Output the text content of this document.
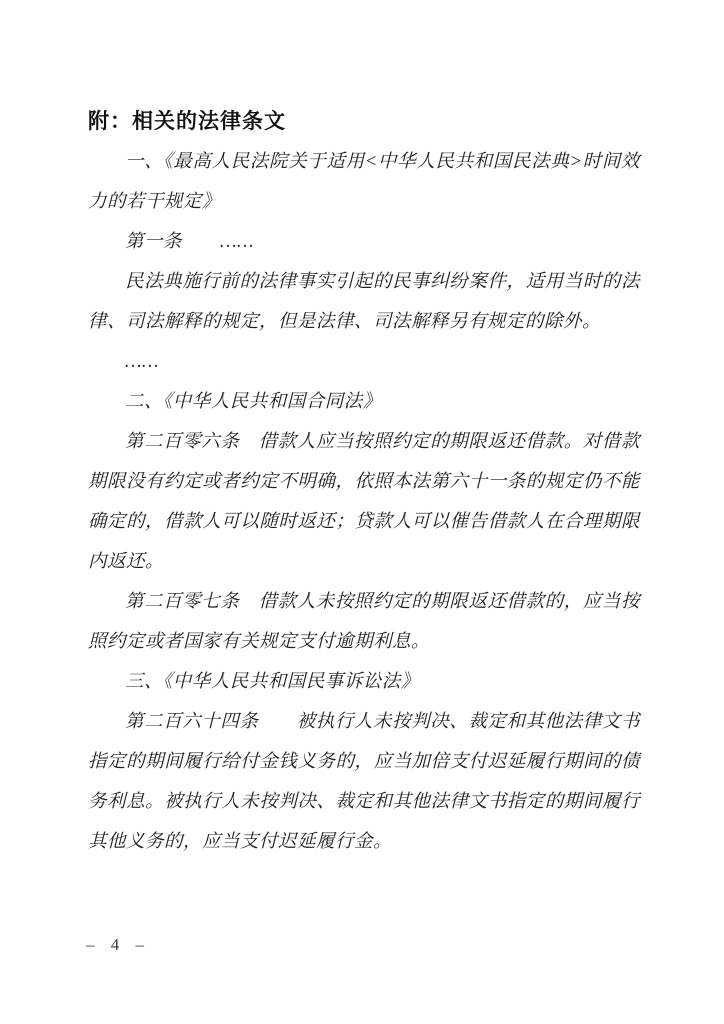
附：相关的法律条文

一、《最高人民法院关于适用<中华人民共和国民法典>时间效力的若干规定》

第一条　　……

民法典施行前的法律事实引起的民事纠纷案件，适用当时的法律、司法解释的规定，但是法律、司法解释另有规定的除外。

……

二、《中华人民共和国合同法》

第二百零六条　借款人应当按照约定的期限返还借款。对借款期限没有约定或者约定不明确，依照本法第六十一条的规定仍不能确定的，借款人可以随时返还；贷款人可以催告借款人在合理期限内返还。

第二百零七条　借款人未按照约定的期限返还借款的，应当按照约定或者国家有关规定支付逾期利息。

三、《中华人民共和国民事诉讼法》

第二百六十四条　　被执行人未按判决、裁定和其他法律文书指定的期间履行给付金钱义务的，应当加倍支付迟延履行期间的债务利息。被执行人未按判决、裁定和其他法律文书指定的期间履行其他义务的，应当支付迟延履行金。

– 4 –
